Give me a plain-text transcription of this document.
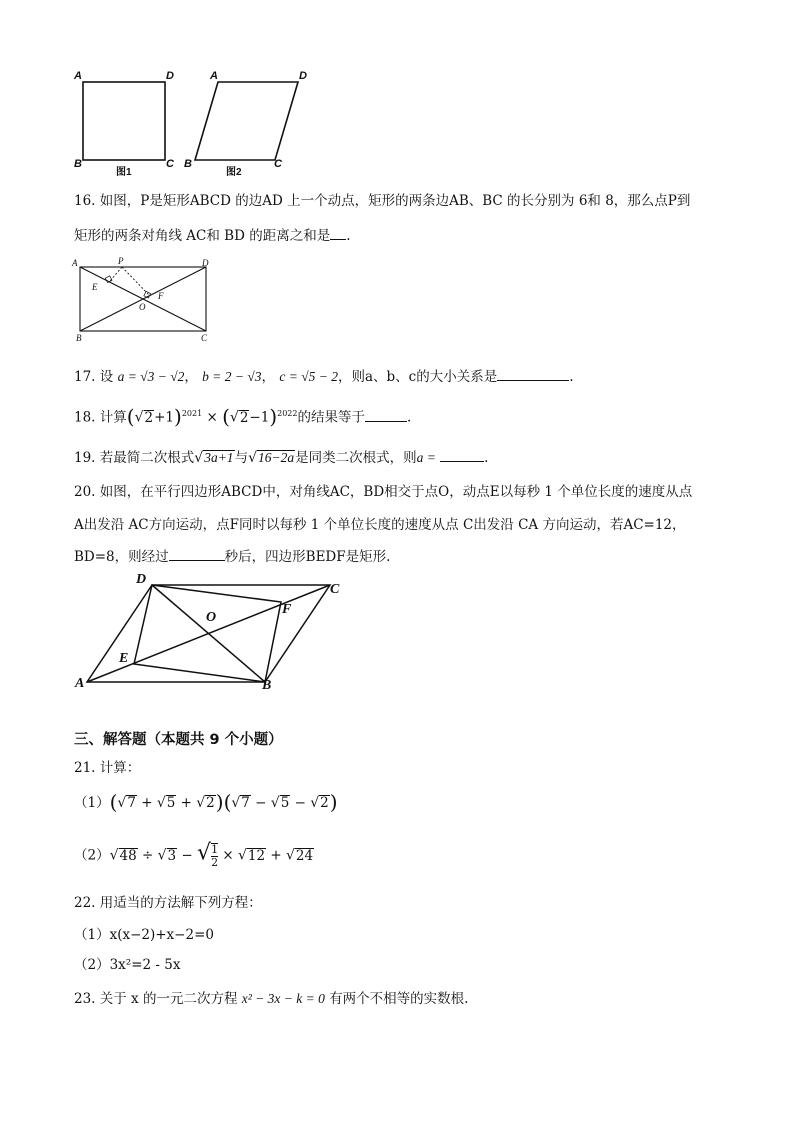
A	D
B	C
图1
A	D
B	C
图2
16. 如图，P是矩形ABCD 的边AD 上一个动点，矩形的两条边AB、BC 的长分别为 6和 8，那么点P到
矩形的两条对角线 AC和 BD 的距离之和是 .
A	D
P
E
F
O
B	C
17. 设 a = √3 − √2， b = 2 − √3， c = √5 − 2，则a、b、c的大小关系是	.
18. 计算$(√2+1)^{2021} \times (√2-1)^{2022}$的结果等于	.
19. 若最简二次根式√3a+1与√16−2a是同类二次根式，则a =	.
20. 如图，在平行四边形ABCD中，对角线AC，BD相交于点O，动点E以每秒 1 个单位长度的速度从点
A出发沿 AC方向运动，点F同时以每秒 1 个单位长度的速度从点 C出发沿 CA 方向运动，若AC=12，
BD=8，则经过	秒后，四边形BEDF是矩形.
D
C
F
O
E
A	B
三、解答题（本题共 9 个小题）
21. 计算：
（1）(√7 + √5 + √2)(√7 − √5 − √2)
（2）√48 ÷ √3 − √ $\frac{1}{2} \times √12 + √24$
22. 用适当的方法解下列方程：
（1）x(x−2)+x−2=0
（2）3x²=2 - 5x
23. 关于 x 的一元二次方程 x² − 3x − k = 0 有两个不相等的实数根.
